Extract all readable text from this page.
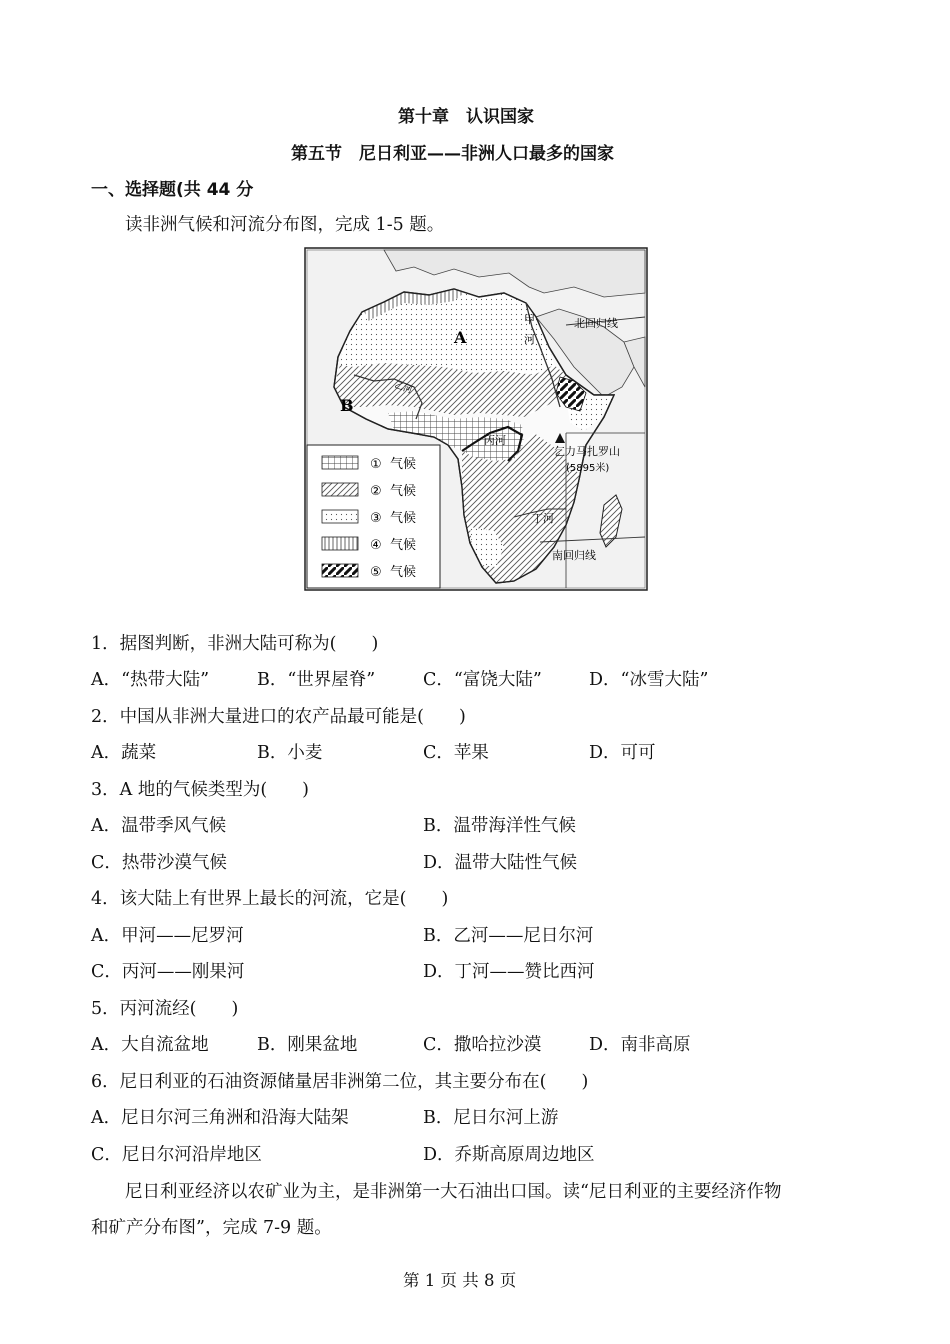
第十章　认识国家
第五节　尼日利亚——非洲人口最多的国家
一、选择题(共 44 分
读非洲气候和河流分布图，完成 1-5 题。
A
B
甲
河
乙河
丙河
丁河
北回归线
南回归线
乞力马扎罗山
(5895米)
① 气候
② 气候
③ 气候
④ 气候
⑤ 气候
1．据图判断，非洲大陆可称为(　　)
A．“热带大陆”	B．“世界屋脊”	C．“富饶大陆”	D．“冰雪大陆”
2．中国从非洲大量进口的农产品最可能是(　　)
A．蔬菜	B．小麦	C．苹果	D．可可
3．A 地的气候类型为(　　)
A．温带季风气候	B．温带海洋性气候
C．热带沙漠气候	D．温带大陆性气候
4．该大陆上有世界上最长的河流，它是(　　)
A．甲河——尼罗河	B．乙河——尼日尔河
C．丙河——刚果河	D．丁河——赞比西河
5．丙河流经(　　)
A．大自流盆地	B．刚果盆地	C．撒哈拉沙漠	D．南非高原
6．尼日利亚的石油资源储量居非洲第二位，其主要分布在(　　)
A．尼日尔河三角洲和沿海大陆架	B．尼日尔河上游
C．尼日尔河沿岸地区	D．乔斯高原周边地区
尼日利亚经济以农矿业为主，是非洲第一大石油出口国。读“尼日利亚的主要经济作物
和矿产分布图”，完成 7-9 题。
第 1 页 共 8 页
